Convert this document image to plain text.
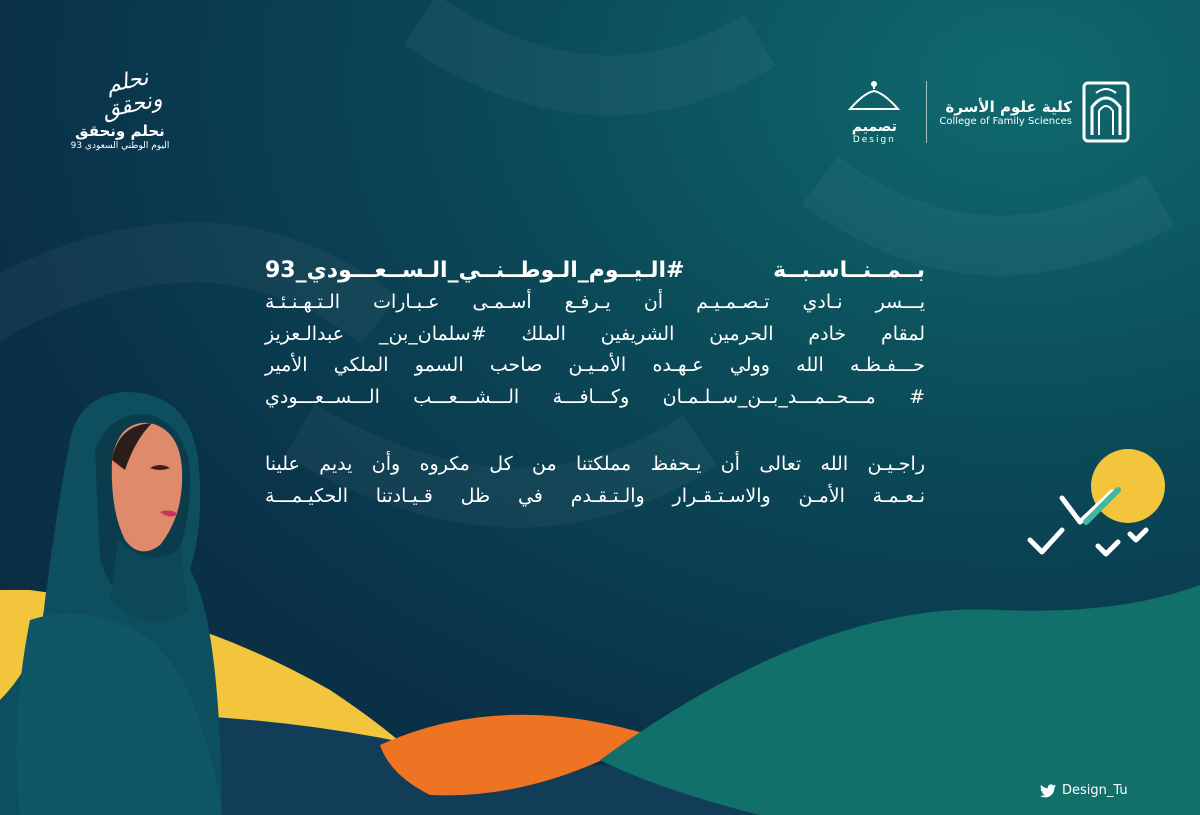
نحلم ونحقق
نحلم ونحقق
اليوم الوطني السعودي 93
تصميم
Design
كلية علوم الأسرة
College of Family Sciences
بــمــنــاسـبــة #الـيــوم_الـوطــنــي_الـســعـــودي_93
يـــسر نـادي تـصـمـيـم أن يـرفـع أسـمـى عـبـارات الـتـهـنـئـة
لمقام خادم الحرمين الشريفين الملك #سلمان_بن_ عبدالـعزيز
حـــفـظـه الله وولي عـهـده الأمـيـن صاحب السمو الملكي الأمير
# مـــحــمـــد_بــن_ســلـمـان وكـــافـــة الـــشـــعـــب الـــســعـــودي
راجـيـن الله تعالى أن يـحفظ مملكتنا من كل مكروه وأن يديم علينا
نـعـمـة الأمـن والاسـتـقـرار والـتـقـدم في ظل قـيـادتنا الحكيـمـــة
Design_Tu
